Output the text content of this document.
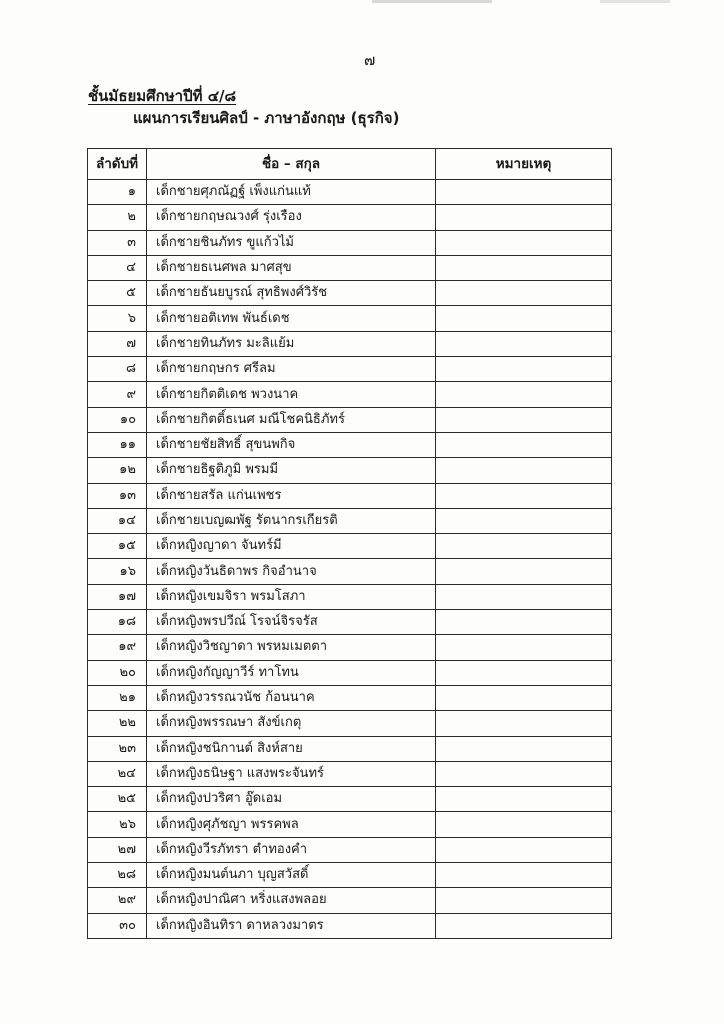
๗
ชั้นมัธยมศึกษาปีที่ ๔/๘
แผนการเรียนศิลป์ - ภาษาอังกฤษ (ธุรกิจ)
ลำดับที่	ชื่อ – สกุล	หมายเหตุ
๑	เด็กชายศุภณัฏฐ์ เพ็งแก่นแท้	
๒	เด็กชายกฤษณวงศ์ รุ่งเรือง	
๓	เด็กชายชินภัทร ขูแก้วไม้	
๔	เด็กชายธเนศพล มาศสุข	
๕	เด็กชายธันยบูรณ์ สุทธิพงศ์วิรัช	
๖	เด็กชายอติเทพ พันธ์เดช	
๗	เด็กชายทินภัทร มะลิแย้ม	
๘	เด็กชายกฤษกร ศรีลม	
๙	เด็กชายกิตติเดช พวงนาค	
๑๐	เด็กชายกิตติ์ธเนศ มณีโชคนิธิภัทร์	
๑๑	เด็กชายชัยสิทธิ์ สุขนพกิจ	
๑๒	เด็กชายธิฐติภูมิ พรมมี	
๑๓	เด็กชายสรัล แก่นเพชร	
๑๔	เด็กชายเบญฒพัฐ รัตนากรเกียรติ	
๑๕	เด็กหญิงญาดา จันทร์มี	
๑๖	เด็กหญิงวันธิดาพร กิจอำนาจ	
๑๗	เด็กหญิงเขมจิรา พรมโสภา	
๑๘	เด็กหญิงพรปวีณ์ โรจน์จิรจรัส	
๑๙	เด็กหญิงวิชญาดา พรหมเมตตา	
๒๐	เด็กหญิงกัญญาวีร์ ทาโทน	
๒๑	เด็กหญิงวรรณวนัช ก้อนนาค	
๒๒	เด็กหญิงพรรณษา สังข์เกตุ	
๒๓	เด็กหญิงชนิกานต์ สิงห์สาย	
๒๔	เด็กหญิงธนิษฐา แสงพระจันทร์	
๒๕	เด็กหญิงปวริศา อู๊ดเอม	
๒๖	เด็กหญิงศุภัชญา พรรคพล	
๒๗	เด็กหญิงวีรภัทรา ตำทองคำ	
๒๘	เด็กหญิงมนต์นภา บุญสวัสดิ์	
๒๙	เด็กหญิงปาณิศา หริ่งแสงพลอย	
๓๐	เด็กหญิงอินทิรา ดาหลวงมาตร	
